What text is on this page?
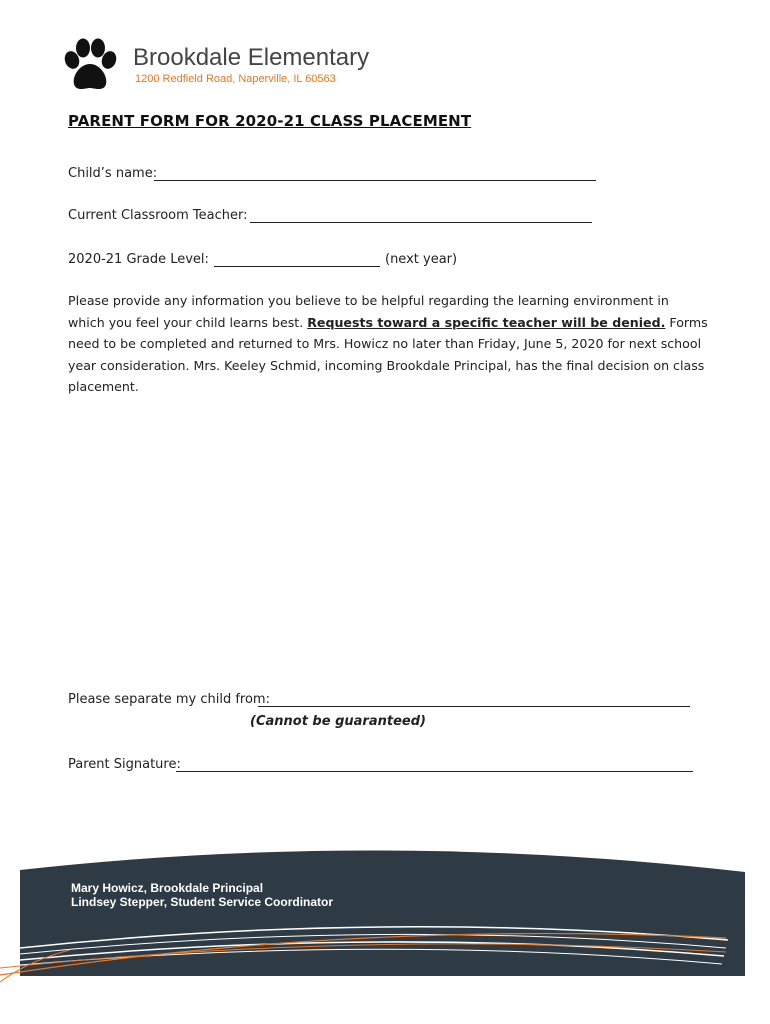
Brookdale Elementary
1200 Redfield Road, Naperville, IL 60563
PARENT FORM FOR 2020-21 CLASS PLACEMENT
Child’s name:
Current Classroom Teacher:
2020-21 Grade Level:	(next year)
Please provide any information you believe to be helpful regarding the learning environment in which you feel your child learns best. Requests toward a specific teacher will be denied. Forms need to be completed and returned to Mrs. Howicz no later than Friday, June 5, 2020 for next school year consideration. Mrs. Keeley Schmid, incoming Brookdale Principal, has the final decision on class placement.
Please separate my child from:
(Cannot be guaranteed)
Parent Signature:
Mary Howicz, Brookdale Principal
Lindsey Stepper, Student Service Coordinator
